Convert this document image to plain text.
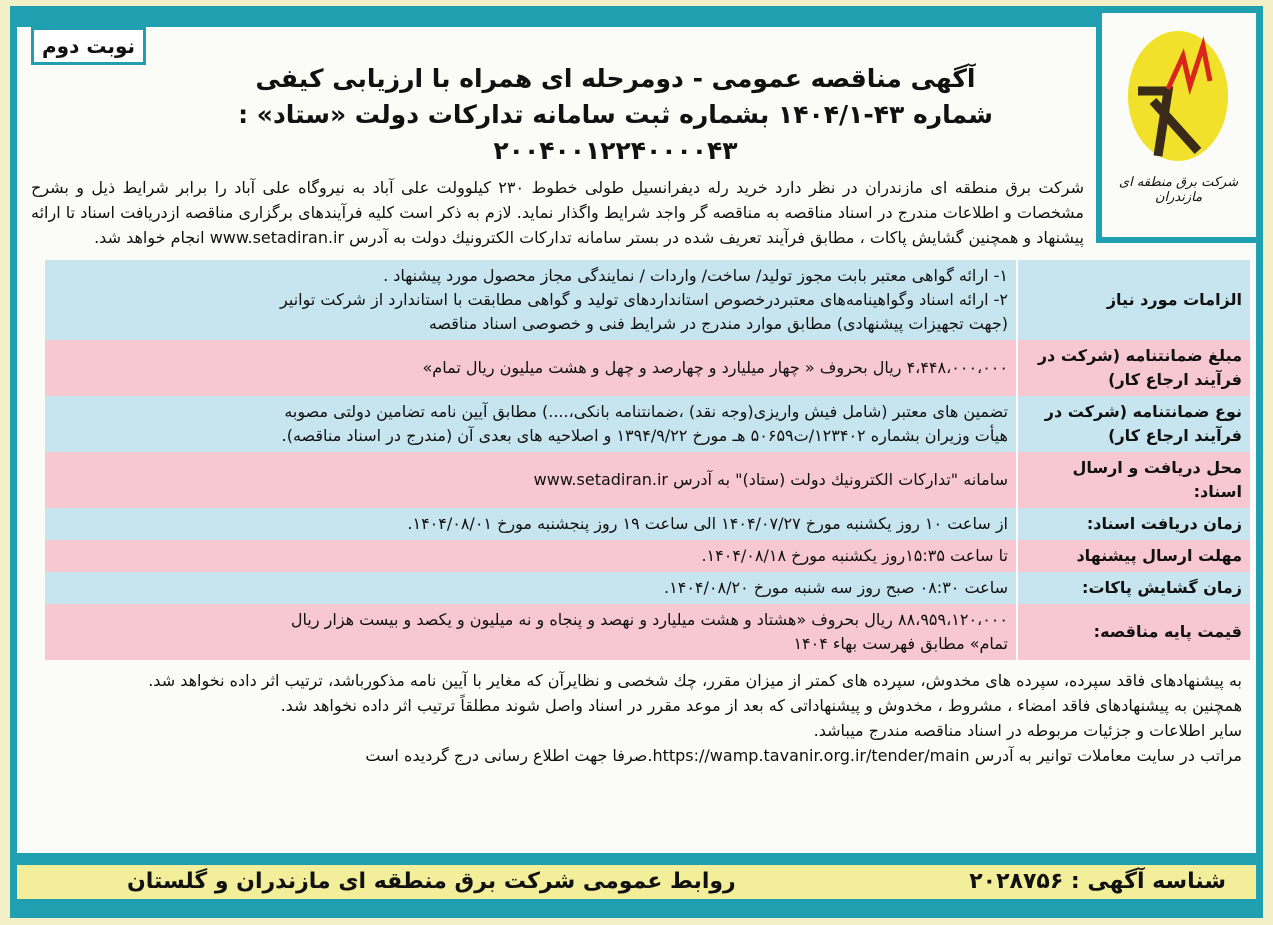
شرکت برق منطقه ای مازندران
نوبت دوم
آگهی مناقصه عمومی - دومرحله ای همراه با ارزیابی کیفی
شماره ۴۳-۱۴۰۴/۱ بشماره ثبت سامانه تدارکات دولت «ستاد» : ۲۰۰۴۰۰۱۲۲۴۰۰۰۰۴۳
شرکت برق منطقه ای مازندران در نظر دارد خرید رله دیفرانسیل طولی خطوط ۲۳۰ کیلوولت علی آباد به نیروگاه علی آباد را برابر شرایط ذیل و بشرح مشخصات و اطلاعات مندرج در اسناد مناقصه به مناقصه گر واجد شرایط واگذار نماید. لازم به ذکر است کلیه فرآیندهای برگزاری مناقصه ازدریافت اسناد تا ارائه پیشنهاد و همچنین گشایش پاکات ، مطابق فرآیند تعریف شده در بستر سامانه تدارکات الکترونیك دولت به آدرس www.setadiran.ir انجام خواهد شد.
الزامات مورد نیاز
۱- ارائه گواهی معتبر بابت مجوز تولید/ ساخت/ واردات / نمایندگی مجاز محصول مورد پیشنهاد .
۲- ارائه اسناد وگواهینامه‌های معتبردرخصوص استانداردهای تولید و گواهی مطابقت با استاندارد از شرکت توانیر
(جهت تجهیزات پیشنهادی) مطابق موارد مندرج در شرایط فنی و خصوصی اسناد مناقصه
مبلغ ضمانتنامه (شرکت در فرآیند ارجاع کار)
۴،۴۴۸،۰۰۰،۰۰۰ ریال بحروف « چهار میلیارد و چهارصد و چهل و هشت میلیون ریال تمام»
نوع ضمانتنامه (شرکت در فرآیند ارجاع کار)
تضمین های معتبر (شامل فیش واریزی(وجه نقد) ،ضمانتنامه بانکی،....) مطابق آیین نامه تضامین دولتی مصوبه
هیأت وزیران بشماره ۱۲۳۴۰۲/ت۵۰۶۵۹ هـ مورخ ۱۳۹۴/۹/۲۲ و اصلاحیه های بعدی آن (مندرج در اسناد مناقصه).
محل دریافت و ارسال اسناد:
سامانه "تدارکات الکترونیك دولت (ستاد)" به آدرس www.setadiran.ir
زمان دریافت اسناد:
از ساعت ۱۰ روز یکشنبه مورخ ۱۴۰۴/۰۷/۲۷ الی ساعت ۱۹ روز پنجشنبه مورخ ۱۴۰۴/۰۸/۰۱.
مهلت ارسال پیشنهاد
تا ساعت ۱۵:۳۵روز یکشنبه مورخ ۱۴۰۴/۰۸/۱۸.
زمان گشایش پاکات:
ساعت ۰۸:۳۰ صبح روز سه شنبه مورخ ۱۴۰۴/۰۸/۲۰.
قیمت پایه مناقصه:
۸۸،۹۵۹،۱۲۰،۰۰۰ ریال بحروف «هشتاد و هشت میلیارد و نهصد و پنجاه و نه میلیون و یکصد و بیست هزار ریال
تمام» مطابق فهرست بهاء ۱۴۰۴
به پیشنهادهای فاقد سپرده، سپرده های مخدوش، سپرده های کمتر از میزان مقرر، چك شخصی و نظایرآن که مغایر با آیین نامه مذکورباشد، ترتیب اثر داده نخواهد شد.
همچنین به پیشنهادهای فاقد امضاء ، مشروط ، مخدوش و پیشنهاداتی که بعد از موعد مقرر در اسناد واصل شوند مطلقاً ترتیب اثر داده نخواهد شد.
سایر اطلاعات و جزئیات مربوطه در اسناد مناقصه مندرج میباشد.
مراتب در سایت معاملات توانیر به آدرس https://wamp.tavanir.org.ir/tender/main.صرفا جهت اطلاع رسانی درج گردیده است
شناسه آگهی : ۲۰۲۸۷۵۶
روابط عمومی شرکت برق منطقه ای مازندران و گلستان
